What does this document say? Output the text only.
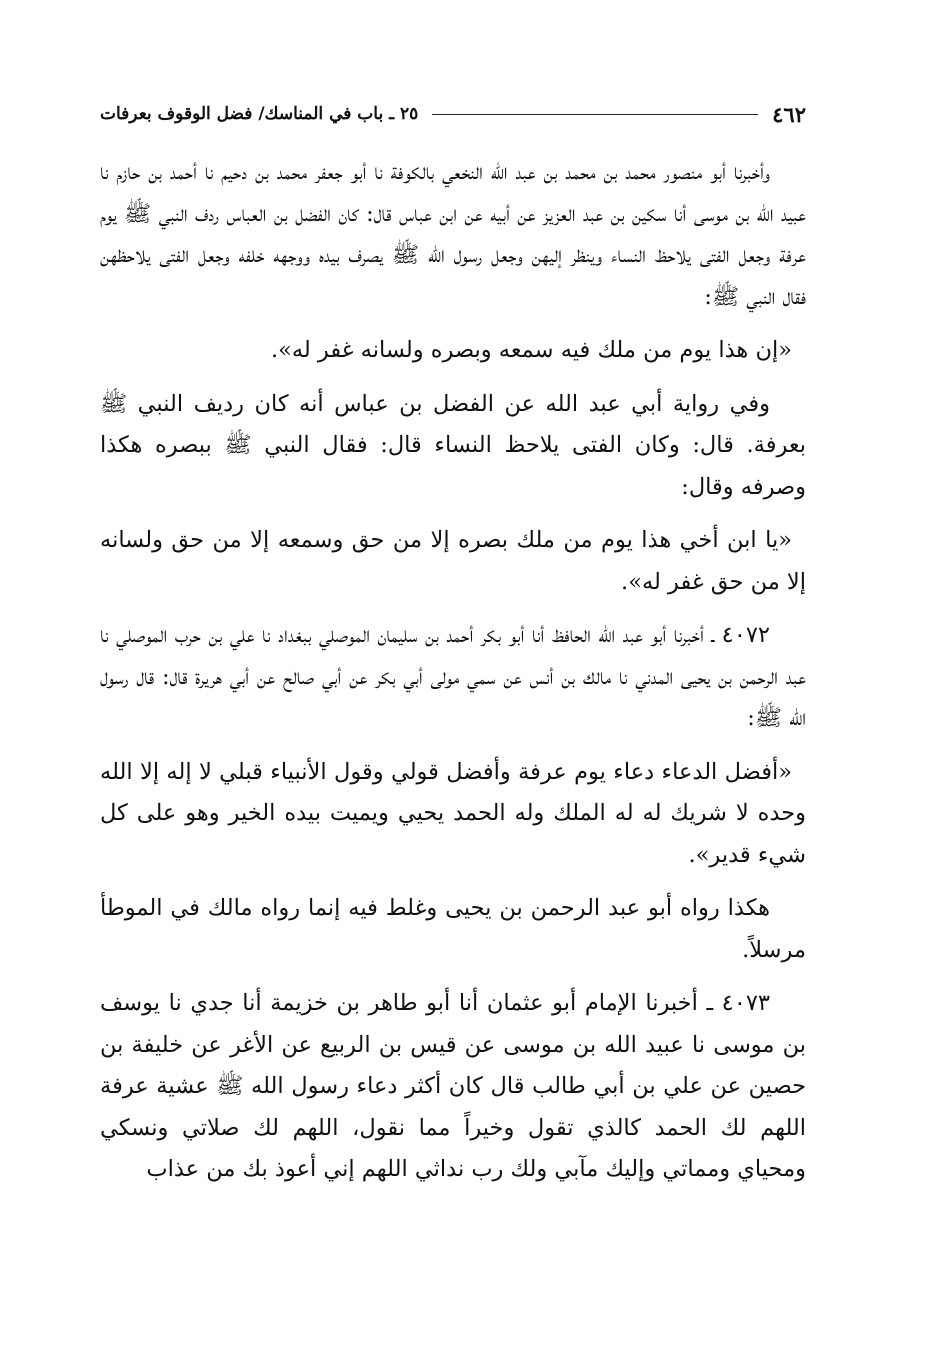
٤٦٢
٢٥ ـ باب في المناسك/ فضل الوقوف بعرفات

وأخبرنا أبو منصور محمد بن محمد بن عبد الله النخعي بالكوفة نا أبو جعفر محمد بن دحيم نا أحمد بن حازم نا عبيد الله بن موسى أنا سكين بن عبد العزيز عن أبيه عن ابن عباس قال: كان الفضل بن العباس ردف النبي ﷺ يوم عرفة وجعل الفتى يلاحظ النساء وينظر إليهن وجعل رسول الله ﷺ يصرف بيده ووجهه خلفه وجعل الفتى يلاحظهن فقال النبي ﷺ:

«إن هذا يوم من ملك فيه سمعه وبصره ولسانه غفر له».

وفي رواية أبي عبد الله عن الفضل بن عباس أنه كان رديف النبي ﷺ بعرفة. قال: وكان الفتى يلاحظ النساء قال: فقال النبي ﷺ ببصره هكذا وصرفه وقال:

«يا ابن أخي هذا يوم من ملك بصره إلا من حق وسمعه إلا من حق ولسانه إلا من حق غفر له».

٤٠٧٢ ـ أخبرنا أبو عبد الله الحافظ أنا أبو بكر أحمد بن سليمان الموصلي ببغداد نا علي بن حرب الموصلي نا عبد الرحمن بن يحيى المدني نا مالك بن أنس عن سمي مولى أبي بكر عن أبي صالح عن أبي هريرة قال: قال رسول الله ﷺ:

«أفضل الدعاء دعاء يوم عرفة وأفضل قولي وقول الأنبياء قبلي لا إله إلا الله وحده لا شريك له له الملك وله الحمد يحيي ويميت بيده الخير وهو على كل شيء قدير».

هكذا رواه أبو عبد الرحمن بن يحيى وغلط فيه إنما رواه مالك في الموطأ مرسلاً.

٤٠٧٣ ـ أخبرنا الإمام أبو عثمان أنا أبو طاهر بن خزيمة أنا جدي نا يوسف بن موسى نا عبيد الله بن موسى عن قيس بن الربيع عن الأغر عن خليفة بن حصين عن علي بن أبي طالب قال كان أكثر دعاء رسول الله ﷺ عشية عرفة اللهم لك الحمد كالذي تقول وخيراً مما نقول، اللهم لك صلاتي ونسكي ومحياي ومماتي وإليك مآبي ولك رب نداثي اللهم إني أعوذ بك من عذاب
